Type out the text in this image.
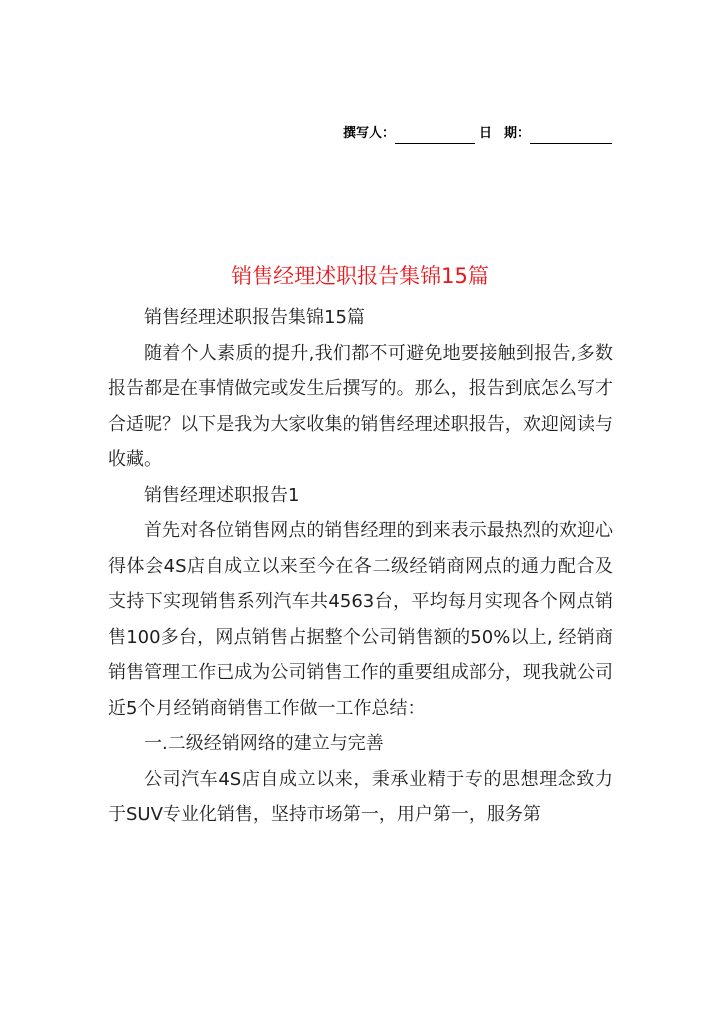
撰写人：	日 期：
销售经理述职报告集锦15篇

销售经理述职报告集锦15篇

随着个人素质的提升,我们都不可避免地要接触到报告,多数报告都是在事情做完或发生后撰写的。那么，报告到底怎么写才合适呢？以下是我为大家收集的销售经理述职报告，欢迎阅读与收藏。

销售经理述职报告1

首先对各位销售网点的销售经理的到来表示最热烈的欢迎心得体会4S店自成立以来至今在各二级经销商网点的通力配合及支持下实现销售系列汽车共4563台，平均每月实现各个网点销售100多台，网点销售占据整个公司销售额的50%以上, 经销商销售管理工作已成为公司销售工作的重要组成部分，现我就公司近5个月经销商销售工作做一工作总结：

一.二级经销网络的建立与完善

公司汽车4S店自成立以来，秉承业精于专的思想理念致力于SUV专业化销售，坚持市场第一，用户第一，服务第
